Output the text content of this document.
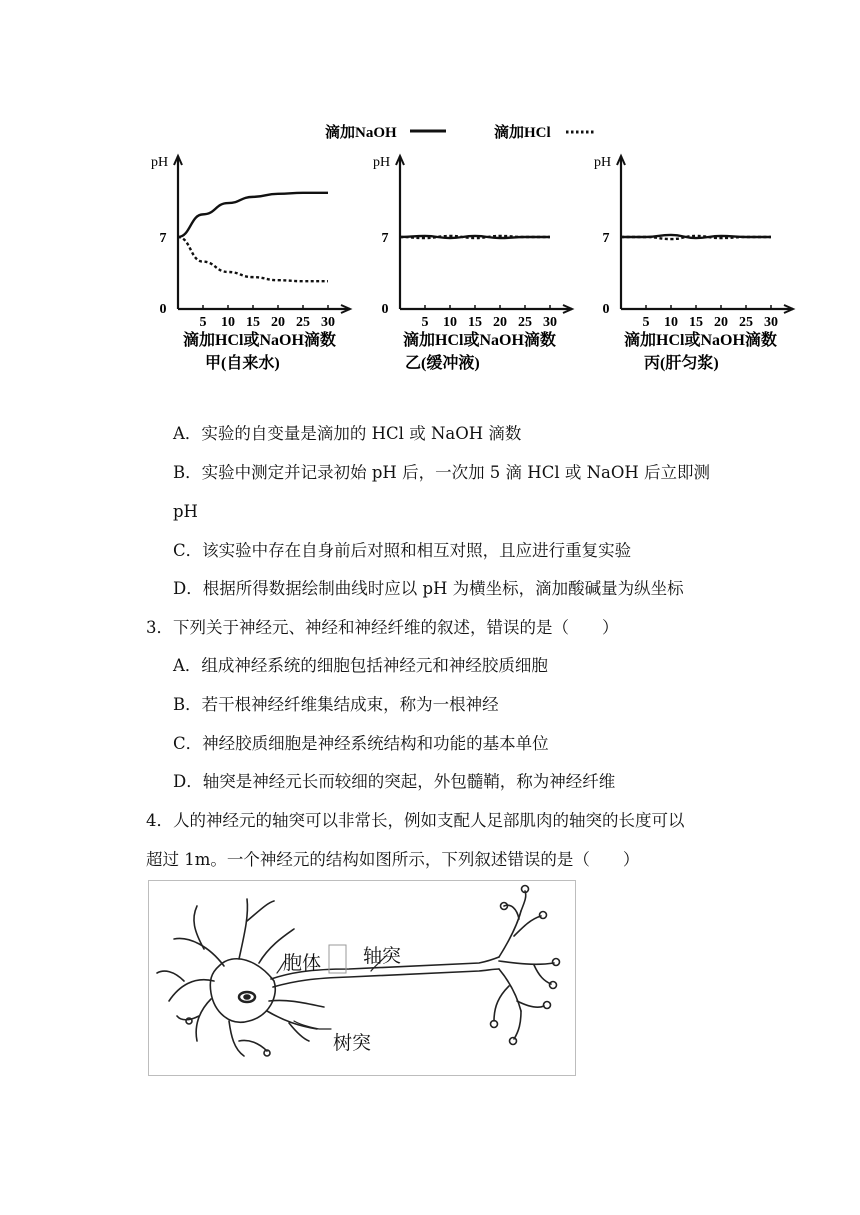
滴加NaOH	滴加HCl
pH
7
0
5 10 15 20 25 30
滴加HCl或NaOH滴数
甲(自来水)
pH
7
0
5 10 15 20 25 30
滴加HCl或NaOH滴数
乙(缓冲液)
pH
7
0
5 10 15 20 25 30
滴加HCl或NaOH滴数
丙(肝匀浆)
A．实验的自变量是滴加的 HCl 或 NaOH 滴数
B．实验中测定并记录初始 pH 后，一次加 5 滴 HCl 或 NaOH 后立即测
pH
C．该实验中存在自身前后对照和相互对照，且应进行重复实验
D．根据所得数据绘制曲线时应以 pH 为横坐标，滴加酸碱量为纵坐标
3．下列关于神经元、神经和神经纤维的叙述，错误的是（　　）
A．组成神经系统的细胞包括神经元和神经胶质细胞
B．若干根神经纤维集结成束，称为一根神经
C．神经胶质细胞是神经系统结构和功能的基本单位
D．轴突是神经元长而较细的突起，外包髓鞘，称为神经纤维
4．人的神经元的轴突可以非常长，例如支配人足部肌肉的轴突的长度可以
超过 1m。一个神经元的结构如图所示，下列叙述错误的是（　　）
胞体 轴突
树突
